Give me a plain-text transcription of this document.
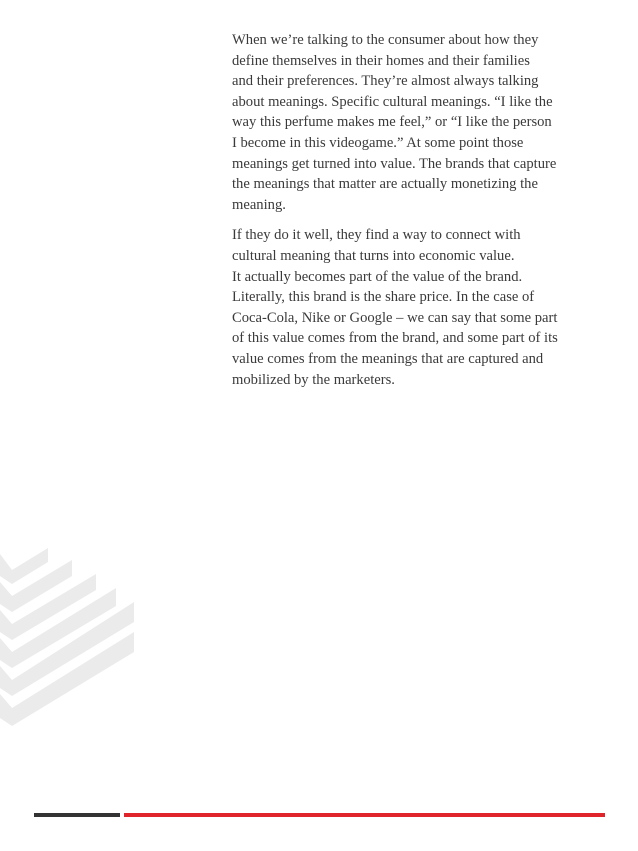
When we’re talking to the consumer about how they
define themselves in their homes and their families
and their preferences. They’re almost always talking
about meanings. Specific cultural meanings. “I like the
way this perfume makes me feel,” or “I like the person
I become in this videogame.” At some point those
meanings get turned into value. The brands that capture
the meanings that matter are actually monetizing the
meaning.

If they do it well, they find a way to connect with
cultural meaning that turns into economic value.
It actually becomes part of the value of the brand.
Literally, this brand is the share price. In the case of
Coca-Cola, Nike or Google – we can say that some part
of this value comes from the brand, and some part of its
value comes from the meanings that are captured and
mobilized by the marketers.
